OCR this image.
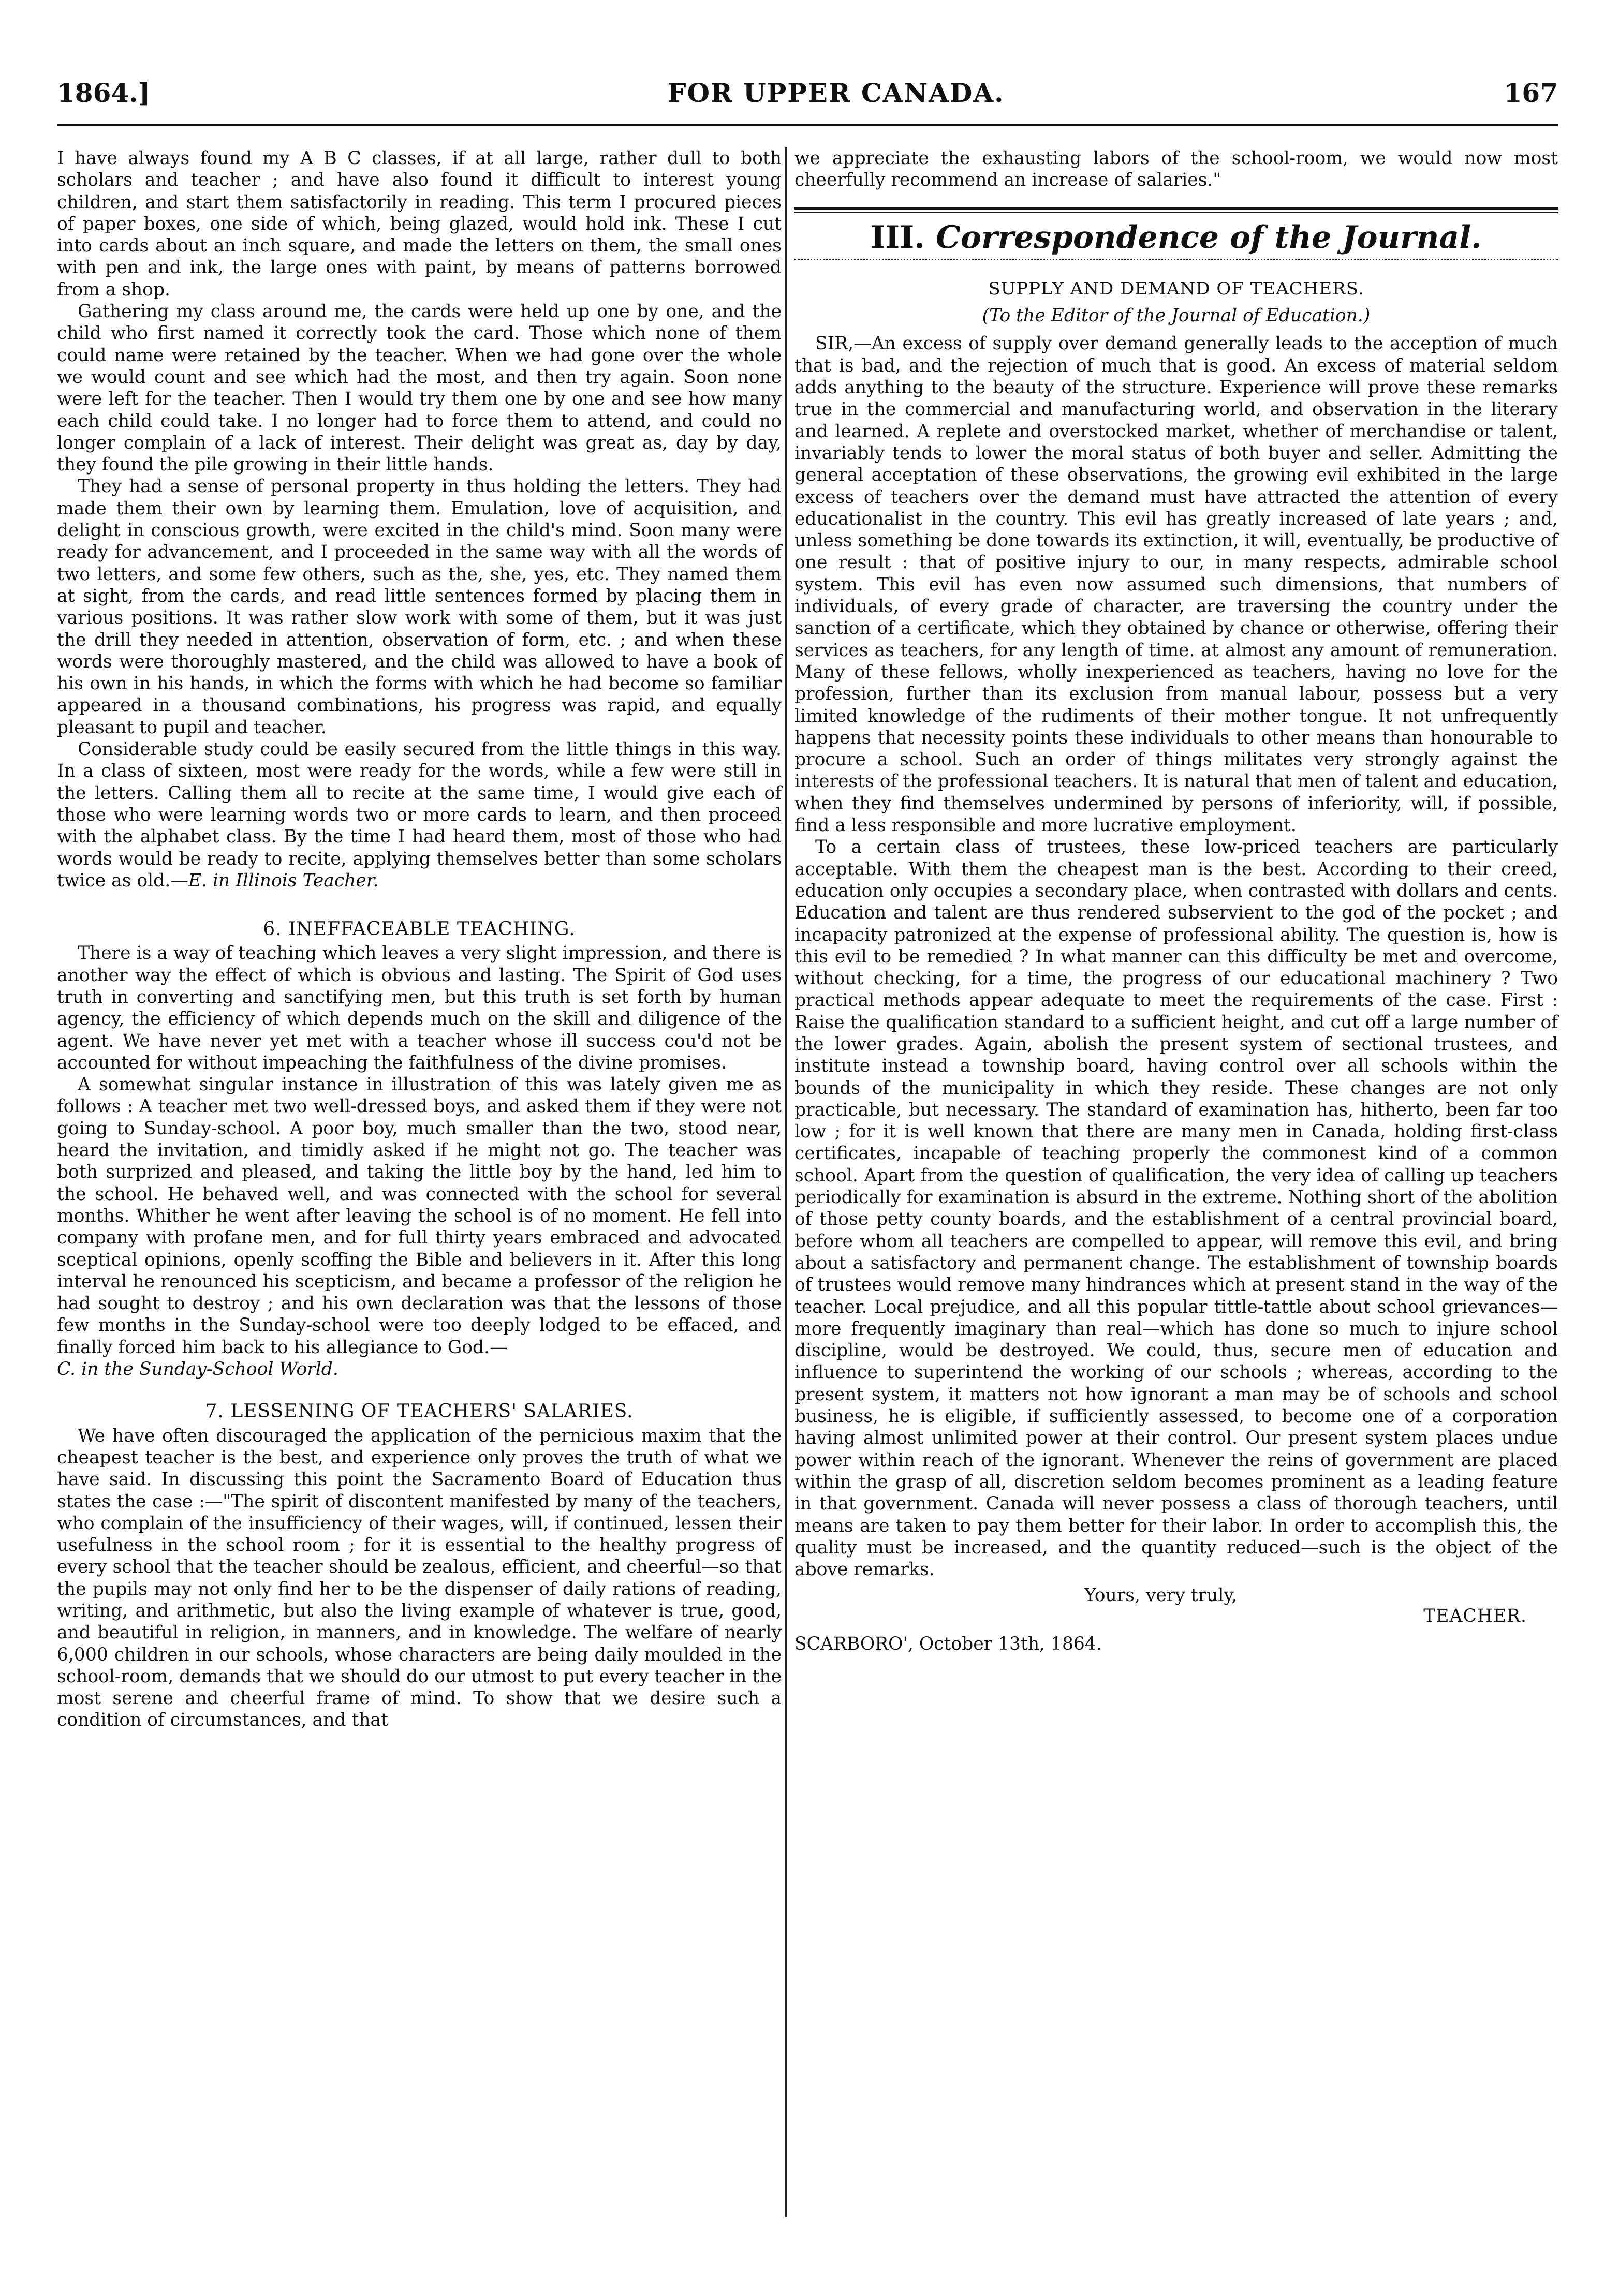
1864.]	FOR UPPER CANADA.	167

I have always found my A B C classes, if at all large, rather dull to both scholars and teacher ; and have also found it difficult to interest young children, and start them satisfactorily in reading. This term I procured pieces of paper boxes, one side of which, being glazed, would hold ink. These I cut into cards about an inch square, and made the letters on them, the small ones with pen and ink, the large ones with paint, by means of patterns borrowed from a shop.

Gathering my class around me, the cards were held up one by one, and the child who first named it correctly took the card. Those which none of them could name were retained by the teacher. When we had gone over the whole we would count and see which had the most, and then try again. Soon none were left for the teacher. Then I would try them one by one and see how many each child could take. I no longer had to force them to attend, and could no longer complain of a lack of interest. Their delight was great as, day by day, they found the pile growing in their little hands.

They had a sense of personal property in thus holding the letters. They had made them their own by learning them. Emulation, love of acquisition, and delight in conscious growth, were excited in the child's mind. Soon many were ready for advancement, and I proceeded in the same way with all the words of two letters, and some few others, such as the, she, yes, etc. They named them at sight, from the cards, and read little sentences formed by placing them in various positions. It was rather slow work with some of them, but it was just the drill they needed in attention, observation of form, etc. ; and when these words were thoroughly mastered, and the child was allowed to have a book of his own in his hands, in which the forms with which he had become so familiar appeared in a thousand combinations, his progress was rapid, and equally pleasant to pupil and teacher.

Considerable study could be easily secured from the little things in this way. In a class of sixteen, most were ready for the words, while a few were still in the letters. Calling them all to recite at the same time, I would give each of those who were learning words two or more cards to learn, and then proceed with the alphabet class. By the time I had heard them, most of those who had words would be ready to recite, applying themselves better than some scholars twice as old.—E. in Illinois Teacher.

6. INEFFACEABLE TEACHING.

There is a way of teaching which leaves a very slight impression, and there is another way the effect of which is obvious and lasting. The Spirit of God uses truth in converting and sanctifying men, but this truth is set forth by human agency, the efficiency of which depends much on the skill and diligence of the agent. We have never yet met with a teacher whose ill success cou'd not be accounted for without impeaching the faithfulness of the divine promises.

A somewhat singular instance in illustration of this was lately given me as follows : A teacher met two well-dressed boys, and asked them if they were not going to Sunday-school. A poor boy, much smaller than the two, stood near, heard the invitation, and timidly asked if he might not go. The teacher was both surprized and pleased, and taking the little boy by the hand, led him to the school. He behaved well, and was connected with the school for several months. Whither he went after leaving the school is of no moment. He fell into company with profane men, and for full thirty years embraced and advocated sceptical opinions, openly scoffing the Bible and believers in it. After this long interval he renounced his scepticism, and became a professor of the religion he had sought to destroy ; and his own declaration was that the lessons of those few months in the Sunday-school were too deeply lodged to be effaced, and finally forced him back to his allegiance to God.—

C. in the Sunday-School World.

7. LESSENING OF TEACHERS' SALARIES.

We have often discouraged the application of the pernicious maxim that the cheapest teacher is the best, and experience only proves the truth of what we have said. In discussing this point the Sacramento Board of Education thus states the case :—"The spirit of discontent manifested by many of the teachers, who complain of the insufficiency of their wages, will, if continued, lessen their usefulness in the school room ; for it is essential to the healthy progress of every school that the teacher should be zealous, efficient, and cheerful—so that the pupils may not only find her to be the dispenser of daily rations of reading, writing, and arithmetic, but also the living example of whatever is true, good, and beautiful in religion, in manners, and in knowledge. The welfare of nearly 6,000 children in our schools, whose characters are being daily moulded in the school-room, demands that we should do our utmost to put every teacher in the most serene and cheerful frame of mind. To show that we desire such a condition of circumstances, and that

we appreciate the exhausting labors of the school-room, we would now most cheerfully recommend an increase of salaries."

III. Correspondence of the Journal.
SUPPLY AND DEMAND OF TEACHERS.
(To the Editor of the Journal of Education.)

SIR,—An excess of supply over demand generally leads to the acception of much that is bad, and the rejection of much that is good. An excess of material seldom adds anything to the beauty of the structure. Experience will prove these remarks true in the commercial and manufacturing world, and observation in the literary and learned. A replete and overstocked market, whether of merchandise or talent, invariably tends to lower the moral status of both buyer and seller. Admitting the general acceptation of these observations, the growing evil exhibited in the large excess of teachers over the demand must have attracted the attention of every educationalist in the country. This evil has greatly increased of late years ; and, unless something be done towards its extinction, it will, eventually, be productive of one result : that of positive injury to our, in many respects, admirable school system. This evil has even now assumed such dimensions, that numbers of individuals, of every grade of character, are traversing the country under the sanction of a certificate, which they obtained by chance or otherwise, offering their services as teachers, for any length of time. at almost any amount of remuneration. Many of these fellows, wholly inexperienced as teachers, having no love for the profession, further than its exclusion from manual labour, possess but a very limited knowledge of the rudiments of their mother tongue. It not unfrequently happens that necessity points these individuals to other means than honourable to procure a school. Such an order of things militates very strongly against the interests of the professional teachers. It is natural that men of talent and education, when they find themselves undermined by persons of inferiority, will, if possible, find a less responsible and more lucrative employment.

To a certain class of trustees, these low-priced teachers are particularly acceptable. With them the cheapest man is the best. According to their creed, education only occupies a secondary place, when contrasted with dollars and cents. Education and talent are thus rendered subservient to the god of the pocket ; and incapacity patronized at the expense of professional ability. The question is, how is this evil to be remedied ? In what manner can this difficulty be met and overcome, without checking, for a time, the progress of our educational machinery ? Two practical methods appear adequate to meet the requirements of the case. First : Raise the qualification standard to a sufficient height, and cut off a large number of the lower grades. Again, abolish the present system of sectional trustees, and institute instead a township board, having control over all schools within the bounds of the municipality in which they reside. These changes are not only practicable, but necessary. The standard of examination has, hitherto, been far too low ; for it is well known that there are many men in Canada, holding first-class certificates, incapable of teaching properly the commonest kind of a common school. Apart from the question of qualification, the very idea of calling up teachers periodically for examination is absurd in the extreme. Nothing short of the abolition of those petty county boards, and the establishment of a central provincial board, before whom all teachers are compelled to appear, will remove this evil, and bring about a satisfactory and permanent change. The establishment of township boards of trustees would remove many hindrances which at present stand in the way of the teacher. Local prejudice, and all this popular tittle-tattle about school grievances—more frequently imaginary than real—which has done so much to injure school discipline, would be destroyed. We could, thus, secure men of education and influence to superintend the working of our schools ; whereas, according to the present system, it matters not how ignorant a man may be of schools and school business, he is eligible, if sufficiently assessed, to become one of a corporation having almost unlimited power at their control. Our present system places undue power within reach of the ignorant. Whenever the reins of government are placed within the grasp of all, discretion seldom becomes prominent as a leading feature in that government. Canada will never possess a class of thorough teachers, until means are taken to pay them better for their labor. In order to accomplish this, the quality must be increased, and the quantity reduced—such is the object of the above remarks.

Yours, very truly,
TEACHER.
SCARBORO', October 13th, 1864.
